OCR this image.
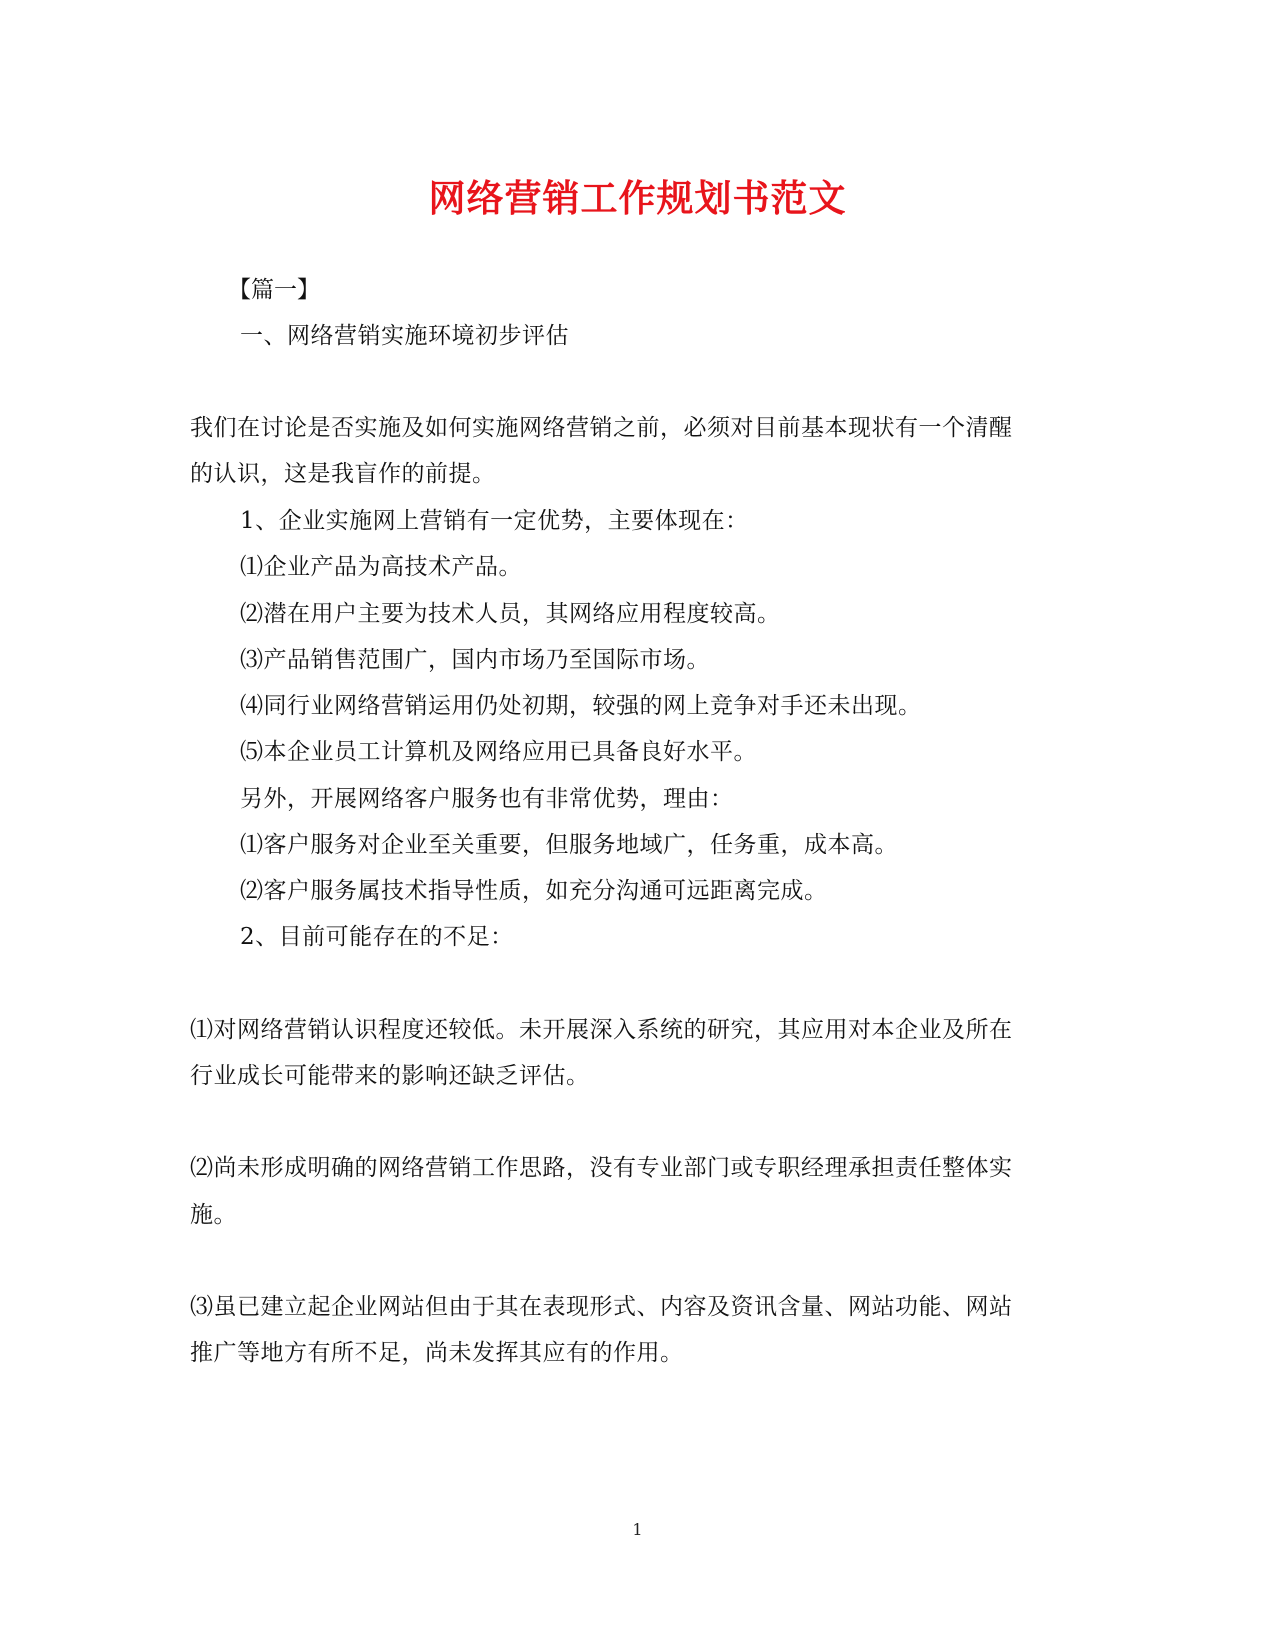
网络营销工作规划书范文
【篇一】
一、网络营销实施环境初步评估
我们在讨论是否实施及如何实施网络营销之前，必须对目前基本现状有一个清醒
的认识，这是我盲作的前提。
1、企业实施网上营销有一定优势，主要体现在：
⑴企业产品为高技术产品。
⑵潜在用户主要为技术人员，其网络应用程度较高。
⑶产品销售范围广，国内市场乃至国际市场。
⑷同行业网络营销运用仍处初期，较强的网上竞争对手还未出现。
⑸本企业员工计算机及网络应用已具备良好水平。
另外，开展网络客户服务也有非常优势，理由：
⑴客户服务对企业至关重要，但服务地域广，任务重，成本高。
⑵客户服务属技术指导性质，如充分沟通可远距离完成。
2、目前可能存在的不足：
⑴对网络营销认识程度还较低。未开展深入系统的研究，其应用对本企业及所在
行业成长可能带来的影响还缺乏评估。
⑵尚未形成明确的网络营销工作思路，没有专业部门或专职经理承担责任整体实
施。
⑶虽已建立起企业网站但由于其在表现形式、内容及资讯含量、网站功能、网站
推广等地方有所不足，尚未发挥其应有的作用。
1
